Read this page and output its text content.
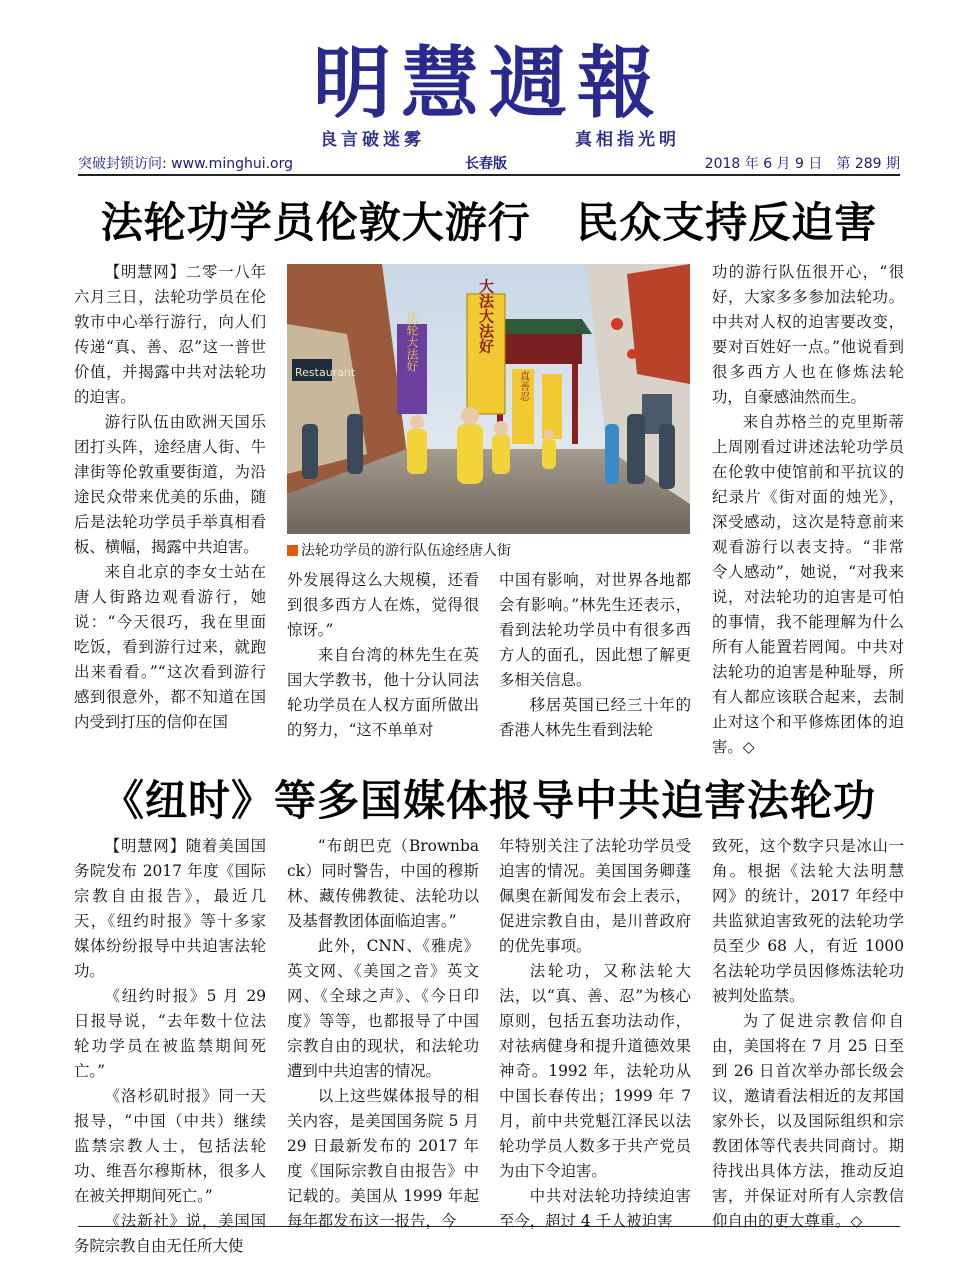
明慧週報
良言破迷雾	真相指光明
突破封锁访问: www.minghui.org	长春版	2018 年 6 月 9 日　第 289 期
法轮功学员伦敦大游行 民众支持反迫害

【明慧网】二零一八年六月三日，法轮功学员在伦敦市中心举行游行，向人们传递“真、善、忍”这一普世价值，并揭露中共对法轮功的迫害。

游行队伍由欧洲天国乐团打头阵，途经唐人街、牛津街等伦敦重要街道，为沿途民众带来优美的乐曲，随后是法轮功学员手举真相看板、横幅，揭露中共迫害。

来自北京的李女士站在唐人街路边观看游行，她说：“今天很巧，我在里面吃饭，看到游行过来，就跑出来看看。”“这次看到游行感到很意外，都不知道在国内受到打压的信仰在国

外发展得这么大规模，还看到很多西方人在炼，觉得很惊讶。”

来自台湾的林先生在英国大学教书，他十分认同法轮功学员在人权方面所做出的努力，“这不单单对

中国有影响，对世界各地都会有影响。”林先生还表示，看到法轮功学员中有很多西方人的面孔，因此想了解更多相关信息。

移居英国已经三十年的香港人林先生看到法轮

功的游行队伍很开心，“很好，大家多多参加法轮功。中共对人权的迫害要改变，要对百姓好一点。”他说看到很多西方人也在修炼法轮功，自豪感油然而生。

来自苏格兰的克里斯蒂上周刚看过讲述法轮功学员在伦敦中使馆前和平抗议的纪录片《街对面的烛光》，深受感动，这次是特意前来观看游行以表支持。“非常令人感动”，她说，“对我来说，对法轮功的迫害是可怕的事情，我不能理解为什么所有人能置若罔闻。中共对法轮功的迫害是种耻辱，所有人都应该联合起来，去制止对这个和平修炼团体的迫害。◇

Restaurant
大法大法好
法轮大法好
真善忍
法轮功学员的游行队伍途经唐人街
《纽时》等多国媒体报导中共迫害法轮功

【明慧网】随着美国国务院发布 2017 年度《国际宗教自由报告》，最近几天，《纽约时报》等十多家媒体纷纷报导中共迫害法轮功。

《纽约时报》5 月 29 日报导说，“去年数十位法轮功学员在被监禁期间死亡。”

《洛杉矶时报》同一天报导，“中国（中共）继续监禁宗教人士，包括法轮功、维吾尔穆斯林，很多人在被关押期间死亡。”

《法新社》说，美国国务院宗教自由无任所大使

“布朗巴克（Brownback）同时警告，中国的穆斯林、藏传佛教徒、法轮功以及基督教团体面临迫害。”

此外，CNN、《雅虎》英文网、《美国之音》英文网、《全球之声》、《今日印度》等等，也都报导了中国宗教自由的现状，和法轮功遭到中共迫害的情况。

以上这些媒体报导的相关内容，是美国国务院 5 月 29 日最新发布的 2017 年度《国际宗教自由报告》中记载的。美国从 1999 年起每年都发布这一报告，今

年特别关注了法轮功学员受迫害的情况。美国国务卿蓬佩奥在新闻发布会上表示，促进宗教自由，是川普政府的优先事项。

法轮功，又称法轮大法，以“真、善、忍”为核心原则，包括五套功法动作，对祛病健身和提升道德效果神奇。1992 年，法轮功从中国长春传出；1999 年 7 月，前中共党魁江泽民以法轮功学员人数多于共产党员为由下令迫害。

中共对法轮功持续迫害至今，超过 4 千人被迫害

致死，这个数字只是冰山一角。根据《法轮大法明慧网》的统计，2017 年经中共监狱迫害致死的法轮功学员至少 68 人，有近 1000 名法轮功学员因修炼法轮功被判处监禁。

为了促进宗教信仰自由，美国将在 7 月 25 日至到 26 日首次举办部长级会议，邀请看法相近的友邦国家外长，以及国际组织和宗教团体等代表共同商讨。期待找出具体方法，推动反迫害，并保证对所有人宗教信仰自由的更大尊重。◇
